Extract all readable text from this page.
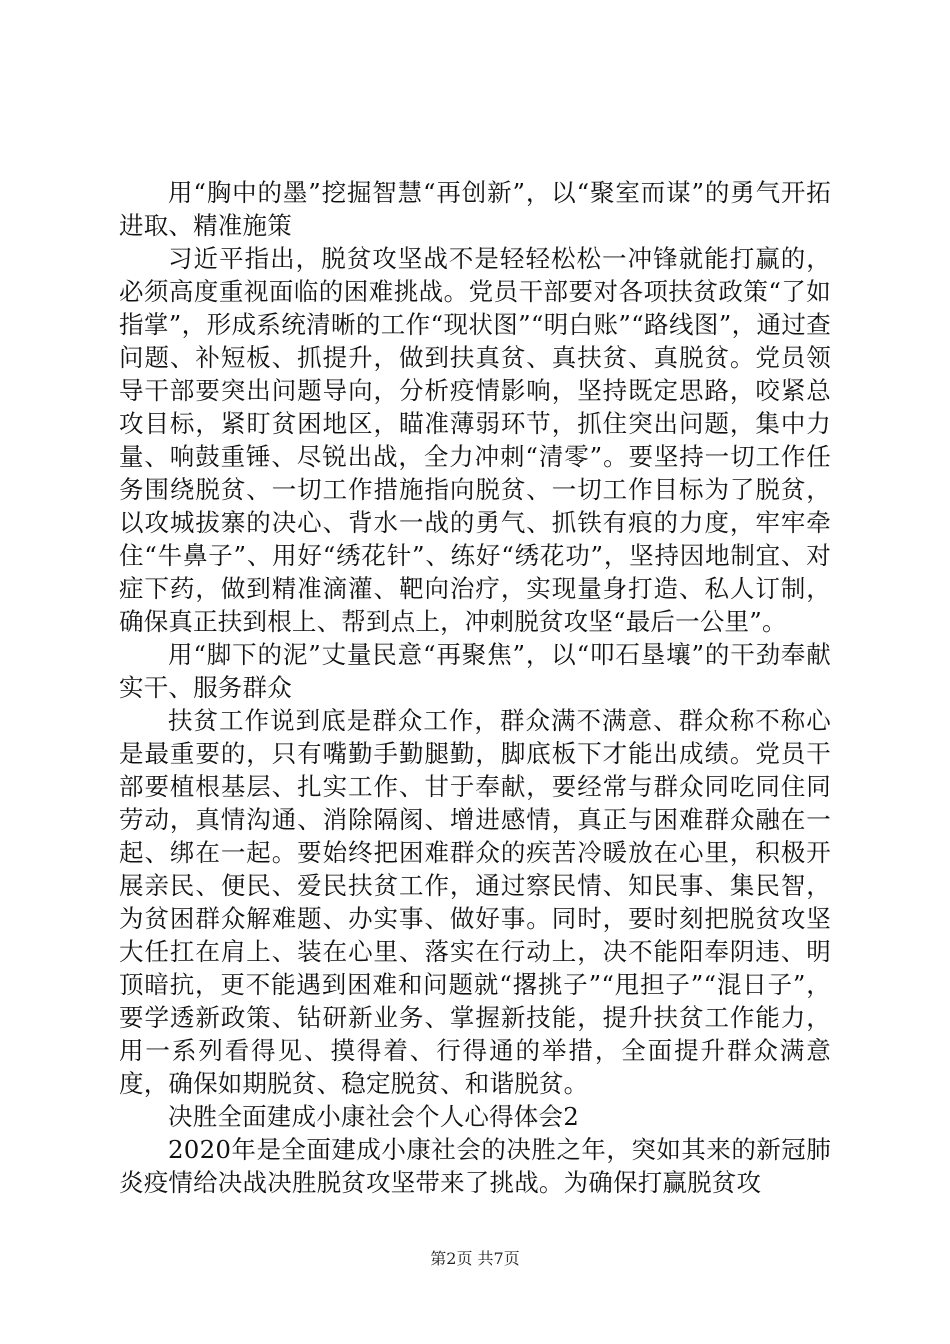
用“胸中的墨”挖掘智慧“再创新”，以“聚室而谋”的勇气开拓进取、精准施策

习近平指出，脱贫攻坚战不是轻轻松松一冲锋就能打赢的，必须高度重视面临的困难挑战。党员干部要对各项扶贫政策“了如指掌”，形成系统清晰的工作“现状图”“明白账”“路线图”，通过查问题、补短板、抓提升，做到扶真贫、真扶贫、真脱贫。党员领导干部要突出问题导向，分析疫情影响，坚持既定思路，咬紧总攻目标，紧盯贫困地区，瞄准薄弱环节，抓住突出问题，集中力量、响鼓重锤、尽锐出战，全力冲刺“清零”。要坚持一切工作任务围绕脱贫、一切工作措施指向脱贫、一切工作目标为了脱贫，以攻城拔寨的决心、背水一战的勇气、抓铁有痕的力度，牢牢牵住“牛鼻子”、用好“绣花针”、练好“绣花功”，坚持因地制宜、对症下药，做到精准滴灌、靶向治疗，实现量身打造、私人订制，确保真正扶到根上、帮到点上，冲刺脱贫攻坚“最后一公里”。

用“脚下的泥”丈量民意“再聚焦”，以“叩石垦壤”的干劲奉献实干、服务群众

扶贫工作说到底是群众工作，群众满不满意、群众称不称心是最重要的，只有嘴勤手勤腿勤，脚底板下才能出成绩。党员干部要植根基层、扎实工作、甘于奉献，要经常与群众同吃同住同劳动，真情沟通、消除隔阂、增进感情，真正与困难群众融在一起、绑在一起。要始终把困难群众的疾苦冷暖放在心里，积极开展亲民、便民、爱民扶贫工作，通过察民情、知民事、集民智，为贫困群众解难题、办实事、做好事。同时，要时刻把脱贫攻坚大任扛在肩上、装在心里、落实在行动上，决不能阳奉阴违、明顶暗抗，更不能遇到困难和问题就“撂挑子”“甩担子”“混日子”，要学透新政策、钻研新业务、掌握新技能，提升扶贫工作能力，用一系列看得见、摸得着、行得通的举措，全面提升群众满意度，确保如期脱贫、稳定脱贫、和谐脱贫。

决胜全面建成小康社会个人心得体会2

2020年是全面建成小康社会的决胜之年，突如其来的新冠肺炎疫情给决战决胜脱贫攻坚带来了挑战。为确保打赢脱贫攻

第2页 共7页
